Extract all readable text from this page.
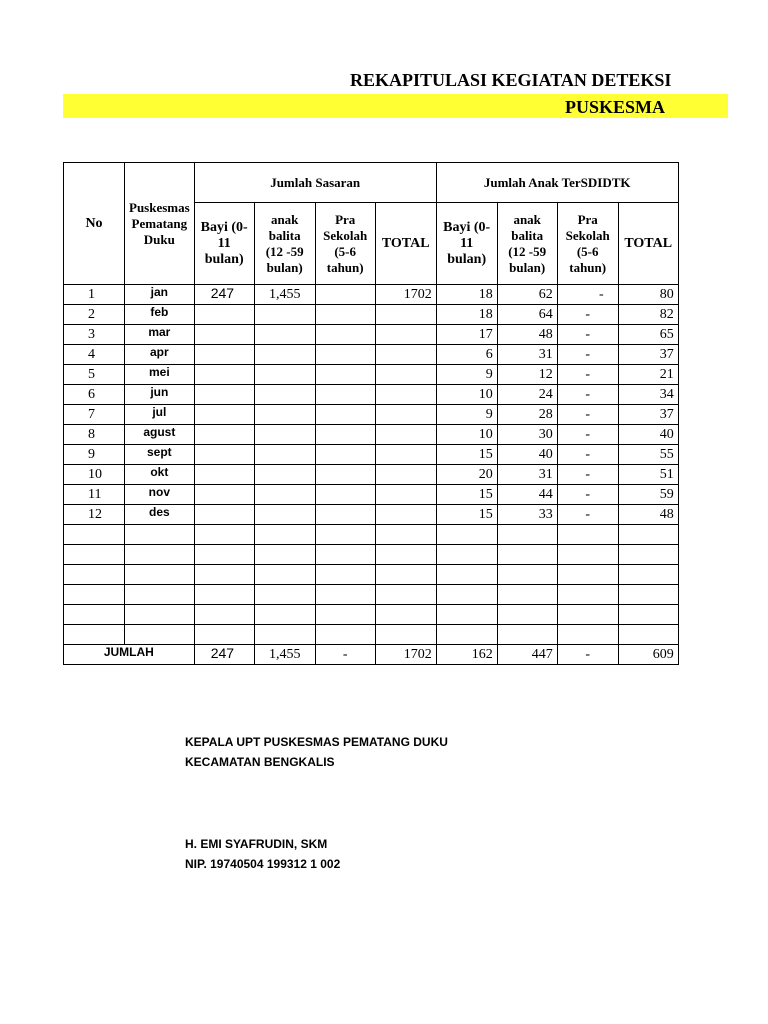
REKAPITULASI KEGIATAN DETEKSI
PUSKESMA
No	Puskesmas Pematang Duku	Jumlah Sasaran				Jumlah Anak TerSDIDTK			
		Bayi (0-11 bulan)	anak balita (12 -59 bulan)	Pra Sekolah (5-6 tahun)	TOTAL	Bayi (0-11 bulan)	anak balita (12 -59 bulan)	Pra Sekolah (5-6 tahun)	TOTAL
1	jan	247	1,455		1702	18	62	-	80
2	feb					18	64	-	82
3	mar					17	48	-	65
4	apr					6	31	-	37
5	mei					9	12	-	21
6	jun					10	24	-	34
7	jul					9	28	-	37
8	agust					10	30	-	40
9	sept					15	40	-	55
10	okt					20	31	-	51
11	nov					15	44	-	59
12	des					15	33	-	48

JUMLAH		247	1,455	-	1702	162	447	-	609
KEPALA UPT PUSKESMAS PEMATANG DUKU
KECAMATAN BENGKALIS
H. EMI SYAFRUDIN, SKM
NIP. 19740504 199312 1 002
